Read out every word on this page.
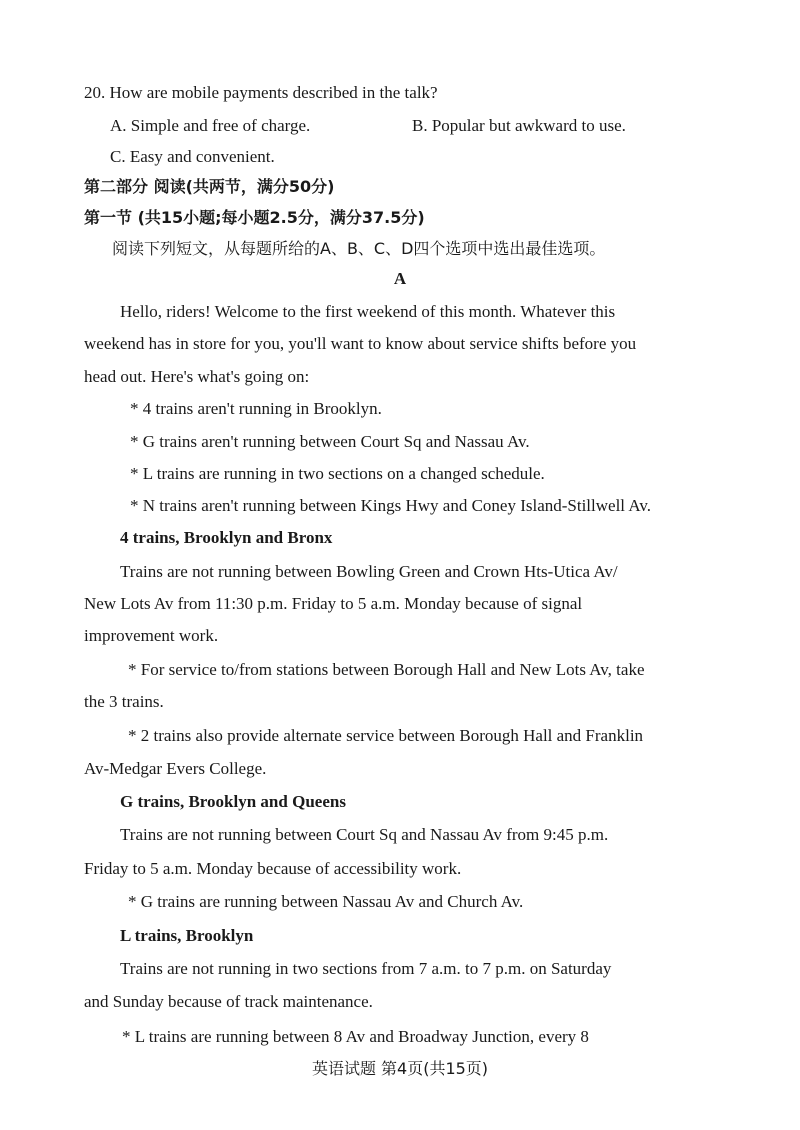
20. How are mobile payments described in the talk?
A. Simple and free of charge.	B. Popular but awkward to use.
C. Easy and convenient.
第二部分 阅读(共两节，满分50分)
第一节 (共15小题;每小题2.5分，满分37.5分)
阅读下列短文，从每题所给的A、B、C、D四个选项中选出最佳选项。
A
Hello, riders! Welcome to the first weekend of this month. Whatever this
weekend has in store for you, you'll want to know about service shifts before you
head out. Here's what's going on:
* 4 trains aren't running in Brooklyn.
* G trains aren't running between Court Sq and Nassau Av.
* L trains are running in two sections on a changed schedule.
* N trains aren't running between Kings Hwy and Coney Island-Stillwell Av.
4 trains, Brooklyn and Bronx
Trains are not running between Bowling Green and Crown Hts-Utica Av/
New Lots Av from 11:30 p.m. Friday to 5 a.m. Monday because of signal
improvement work.
* For service to/from stations between Borough Hall and New Lots Av, take
the 3 trains.
* 2 trains also provide alternate service between Borough Hall and Franklin
Av-Medgar Evers College.
G trains, Brooklyn and Queens
Trains are not running between Court Sq and Nassau Av from 9:45 p.m.
Friday to 5 a.m. Monday because of accessibility work.
* G trains are running between Nassau Av and Church Av.
L trains, Brooklyn
Trains are not running in two sections from 7 a.m. to 7 p.m. on Saturday
and Sunday because of track maintenance.
* L trains are running between 8 Av and Broadway Junction, every 8
英语试题 第4页(共15页)
